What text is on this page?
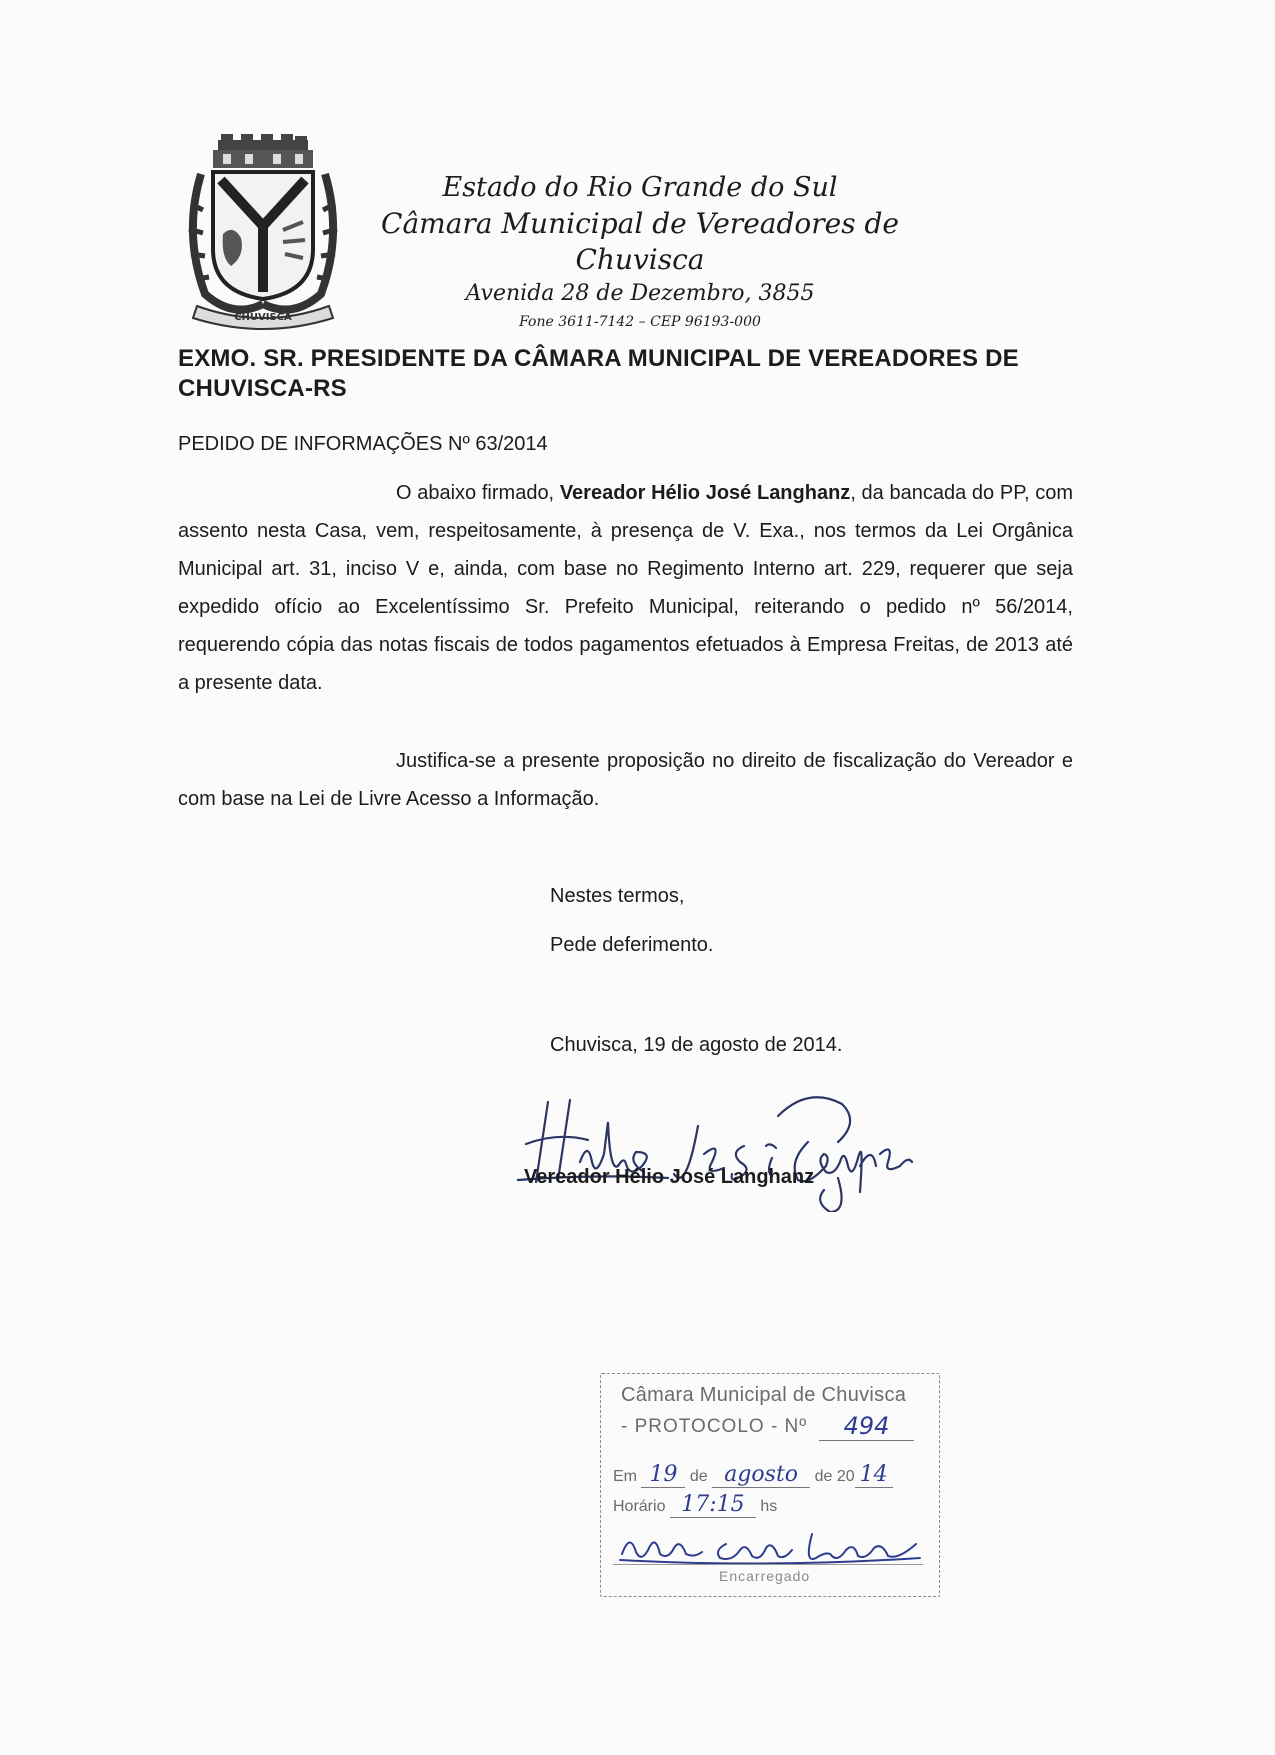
CHUVISCA
Estado do Rio Grande do Sul
Câmara Municipal de Vereadores de Chuvisca
Avenida 28 de Dezembro, 3855
Fone 3611-7142 – CEP 96193-000
EXMO. SR. PRESIDENTE DA CÂMARA MUNICIPAL DE VEREADORES DE CHUVISCA-RS
PEDIDO DE INFORMAÇÕES Nº 63/2014

O abaixo firmado, Vereador Hélio José Langhanz, da bancada do PP, com assento nesta Casa, vem, respeitosamente, à presença de V. Exa., nos termos da Lei Orgânica Municipal art. 31, inciso V e, ainda, com base no Regimento Interno art. 229, requerer que seja expedido ofício ao Excelentíssimo Sr. Prefeito Municipal, reiterando o pedido nº 56/2014, requerendo cópia das notas fiscais de todos pagamentos efetuados à Empresa Freitas, de 2013 até a presente data.

Justifica-se a presente proposição no direito de fiscalização do Vereador e com base na Lei de Livre Acesso a Informação.

Nestes termos,
Pede deferimento.
Chuvisca, 19 de agosto de 2014.
Vereador Hélio José Langhanz
Câmara Municipal de Chuvisca
- PROTOCOLO - Nº	494
Em 19 de agosto de 20 14
Horário 17:15 hs
Encarregado
